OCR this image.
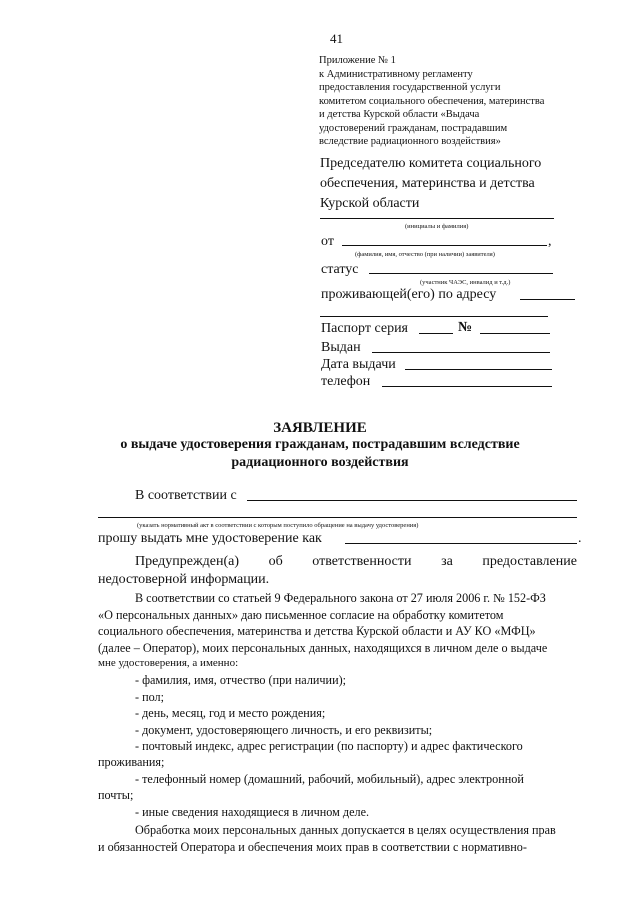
41
Приложение № 1
к Административному регламенту
предоставления государственной услуги
комитетом социального обеспечения, материнства
и детства Курской области «Выдача
удостоверений гражданам, пострадавшим
вследствие радиационного воздействия»
Председателю комитета социального
обеспечения, материнства и детства
Курской области
(инициалы и фамилия)
от	,
(фамилия, имя, отчество (при наличии) заявителя)
статус
(участник ЧАЭС, инвалид и т.д.)
проживающей(его) по адресу
Паспорт серия	№
Выдан
Дата выдачи
телефон
ЗАЯВЛЕНИЕ
о выдаче удостоверения гражданам, пострадавшим вследствие
радиационного воздействия
В соответствии с
(указать нормативный акт в соответствии с которым поступило обращение на выдачу удостоверения)
прошу выдать мне удостоверение как	.
Предупрежден(а) об ответственности за предоставление
недостоверной информации.
В соответствии со статьей 9 Федерального закона от 27 июля 2006 г. № 152-ФЗ
«О персональных данных» даю письменное согласие на обработку комитетом
социального обеспечения, материнства и детства Курской области и АУ КО «МФЦ»
(далее – Оператор), моих персональных данных, находящихся в личном деле о выдаче
мне удостоверения, а именно:
- фамилия, имя, отчество (при наличии);
- пол;
- день, месяц, год и место рождения;
- документ, удостоверяющего личность, и его реквизиты;
- почтовый индекс, адрес регистрации (по паспорту) и адрес фактического
проживания;
- телефонный номер (домашний, рабочий, мобильный), адрес электронной
почты;
- иные сведения находящиеся в личном деле.
Обработка моих персональных данных допускается в целях осуществления прав
и обязанностей Оператора и обеспечения моих прав в соответствии с нормативно-
